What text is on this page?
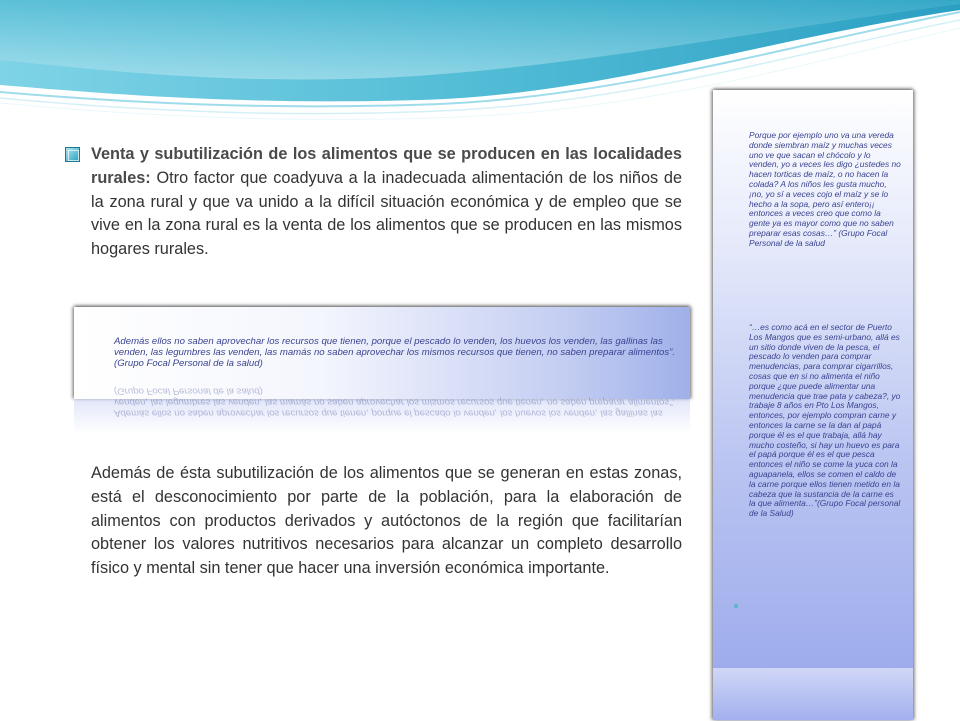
Porque por ejemplo uno va una vereda donde siembran maíz y muchas veces uno ve que sacan el chócolo y lo venden, yo a veces les digo ¿ustedes no hacen torticas de maíz, o no hacen la colada? A los niños les gusta mucho, ¡no, yo sí a veces cojo el maíz y se lo hecho a la sopa, pero así entero¡¡ entonces a veces creo que como la gente ya es mayor como que no saben preparar esas cosas…” (Grupo Focal Personal de la salud
“…es como acá en el sector de Puerto Los Mangos que es semi-urbano, allá es un sitio donde viven de la pesca, el pescado lo venden para comprar menudencias, para comprar cigarrillos, cosas que en si no alimenta el niño porque ¿que puede alimentar una menudencia que trae pata y cabeza?, yo trabaje 8 años en Pto Los Mangos, entonces, por ejemplo compran carne y entonces la carne se la dan al papá porque él es el que trabaja, allá hay mucho costeño, si hay un huevo es para el papá porque él es el que pesca entonces el niño se come la yuca con la aguapanela, ellos se comen el caldo de la carne porque ellos tienen metido en la cabeza que la sustancia de la carne es la que alimenta…”(Grupo Focal personal de la Salud)
Venta y subutilización de los alimentos que se producen en las localidades rurales: Otro factor que coadyuva a la inadecuada alimentación de los niños de la zona rural y que va unido a la difícil situación económica y de empleo que se vive en la zona rural es la venta de los alimentos que se producen en las mismos hogares rurales.
Además ellos no saben aprovechar los recursos que tienen, porque el pescado lo venden, los huevos los venden, las gallinas las venden, las legumbres las venden, las mamás no saben aprovechar los mismos recursos que tienen, no saben preparar alimentos”. (Grupo Focal Personal de la salud)
Además ellos no saben aprovechar los recursos que tienen, porque el pescado lo venden, los huevos los venden, las gallinas las venden, las legumbres las venden, las mamás no saben aprovechar los mismos recursos que tienen, no saben preparar alimentos”. (Grupo Focal Personal de la salud)
Además de ésta subutilización de los alimentos que se generan en estas zonas, está el desconocimiento por parte de la población, para la elaboración de alimentos con productos derivados y autóctonos de la región que facilitarían obtener los valores nutritivos necesarios para alcanzar un completo desarrollo físico y mental sin tener que hacer una inversión económica importante.
